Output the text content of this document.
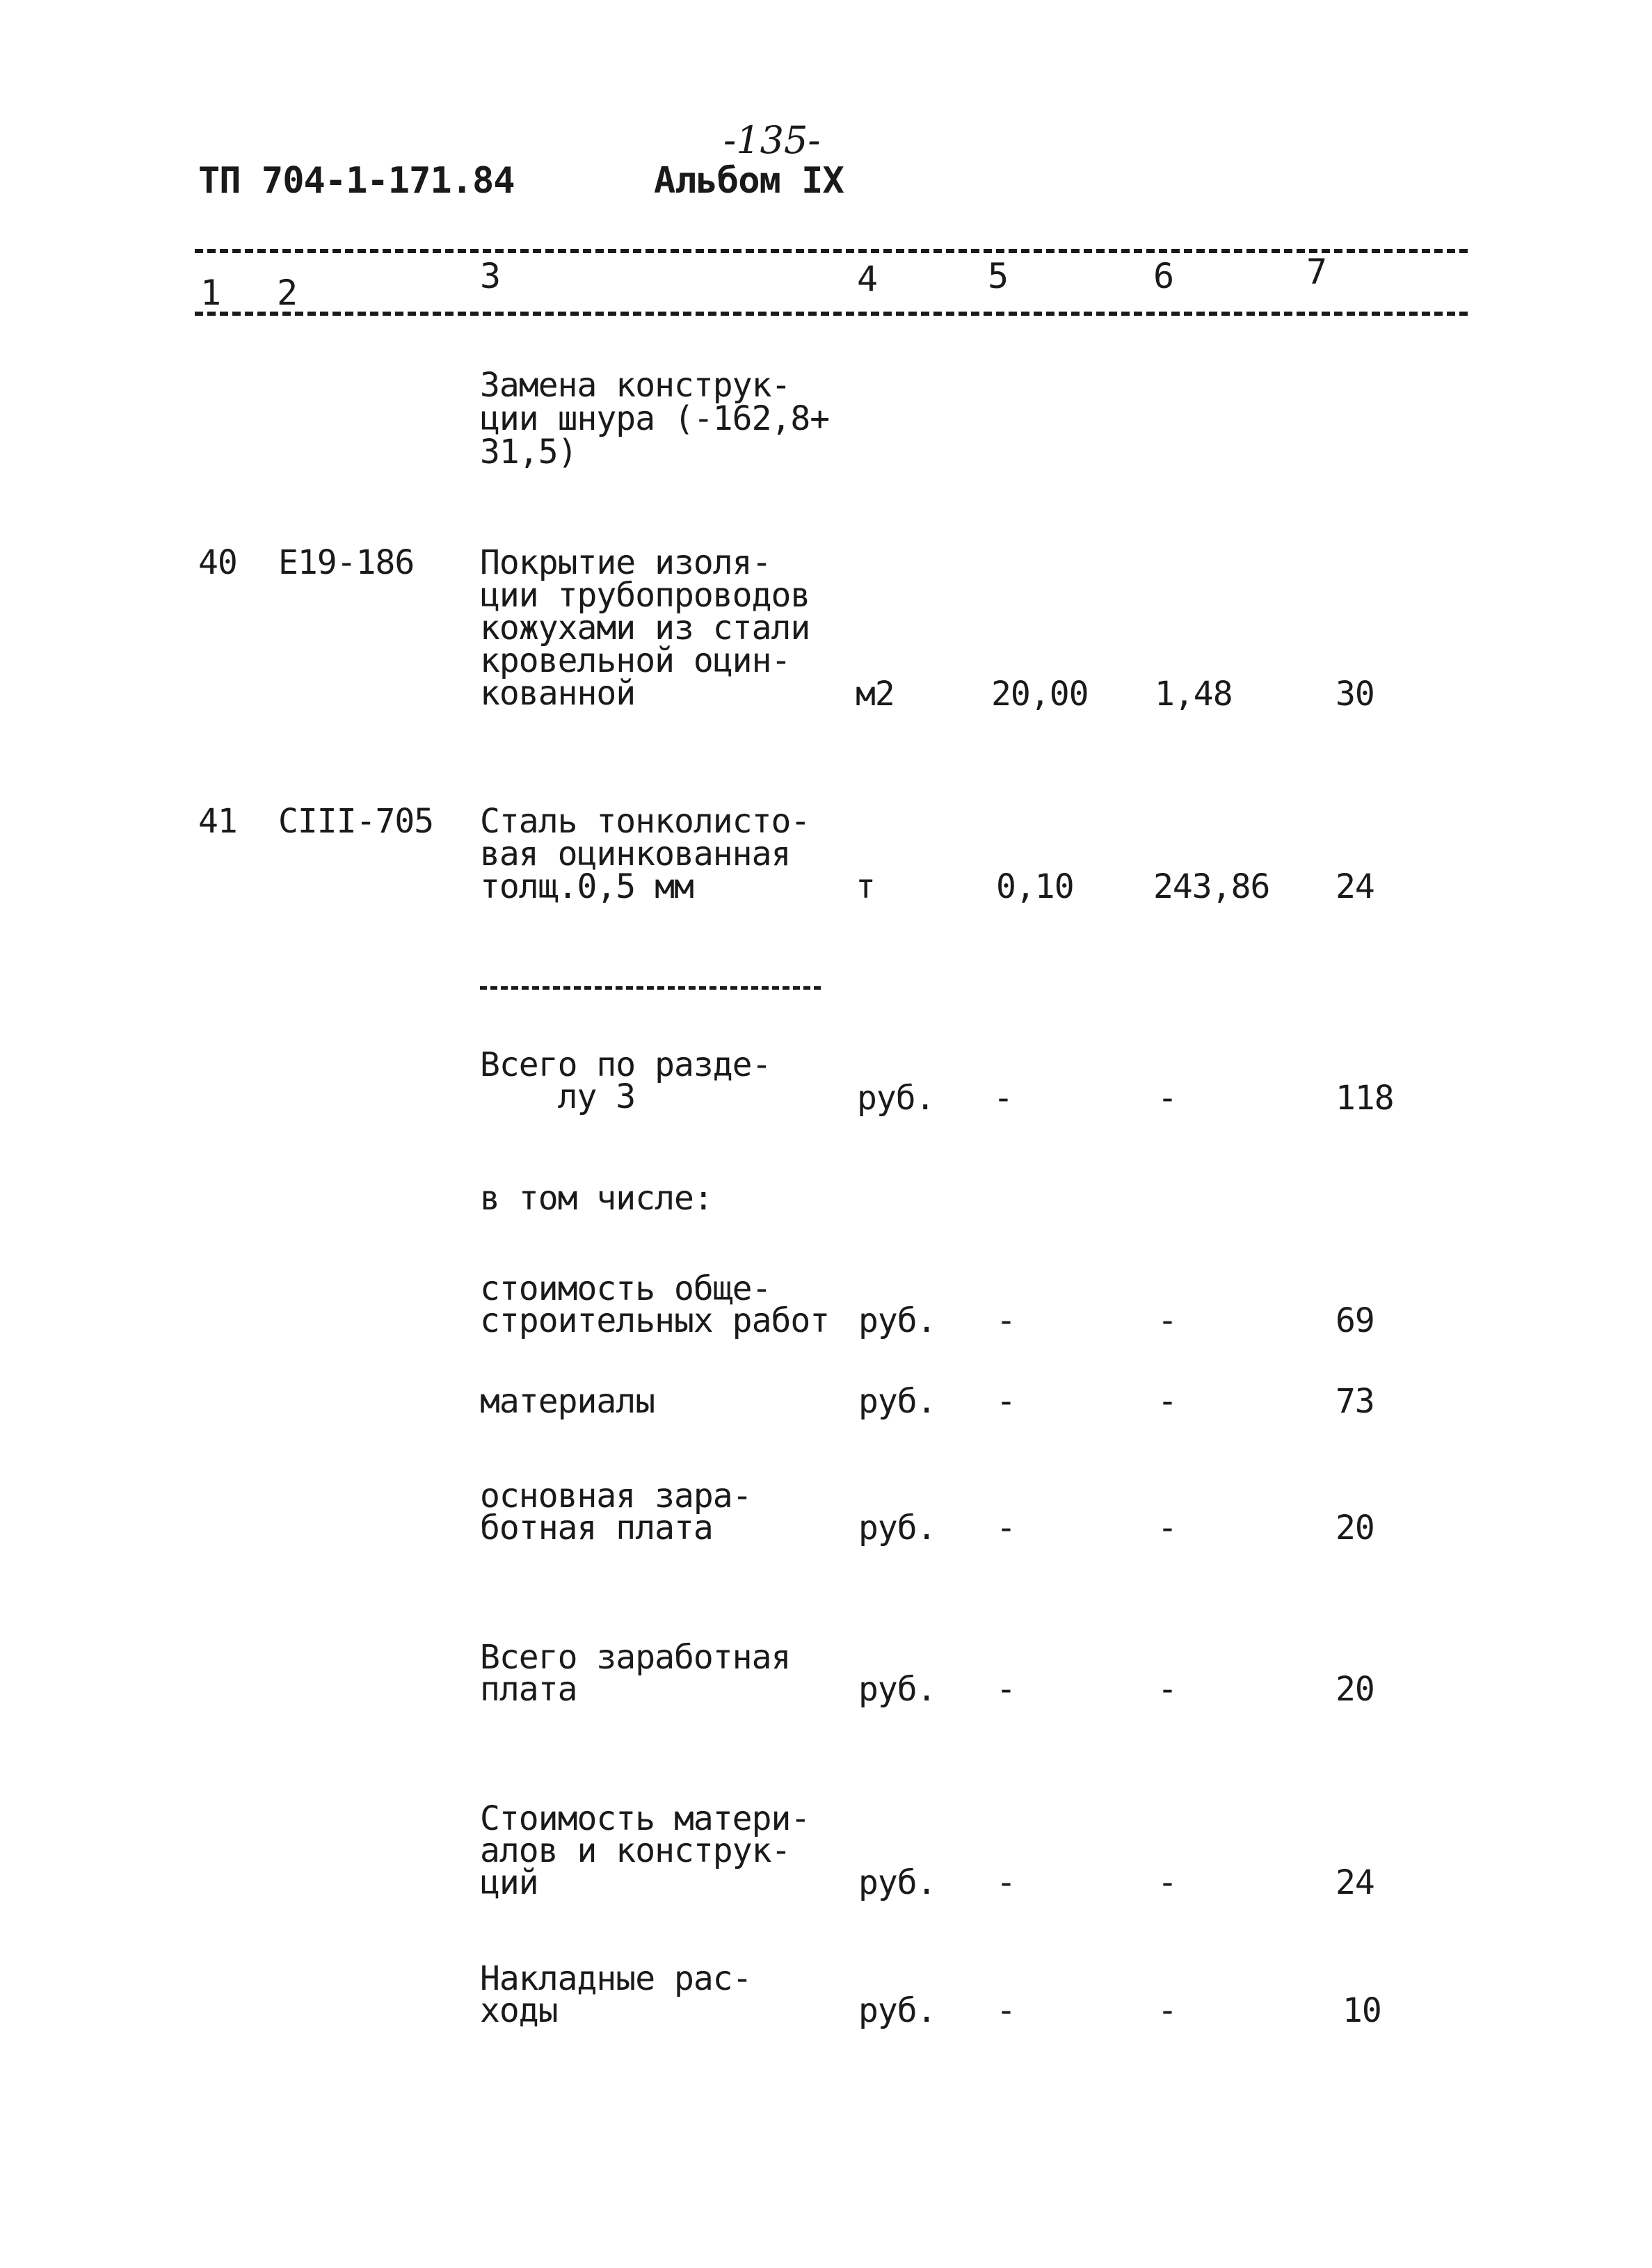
-135-
ТП 704-1-171.84	Альбом IX
1 2	3	4	5	6	7
Замена конструк-
ции шнура (-162,8+
31,5)
40 Е19-186 Покрытие изоля-
ции трубопроводов
кожухами из стали
кровельной оцин-
кованной	м2	20,00 1,48	30
41 СIII-705 Сталь тонколисто-
вая оцинкованная
толщ.0,5 мм	т	0,10 243,86 24
Всего по разде-
лу 3	руб. -	-	118
в том числе:
стоимость обще-
строительных работ руб. -	-	69
материалы	руб. -	-	73
основная зара-
ботная плата	руб. -	-	20
Всего заработная
плата	руб. -	-	20
Стоимость матери-
алов и конструк-
ций	руб. -	-	24
Накладные рас-
ходы	руб. -	-	10
